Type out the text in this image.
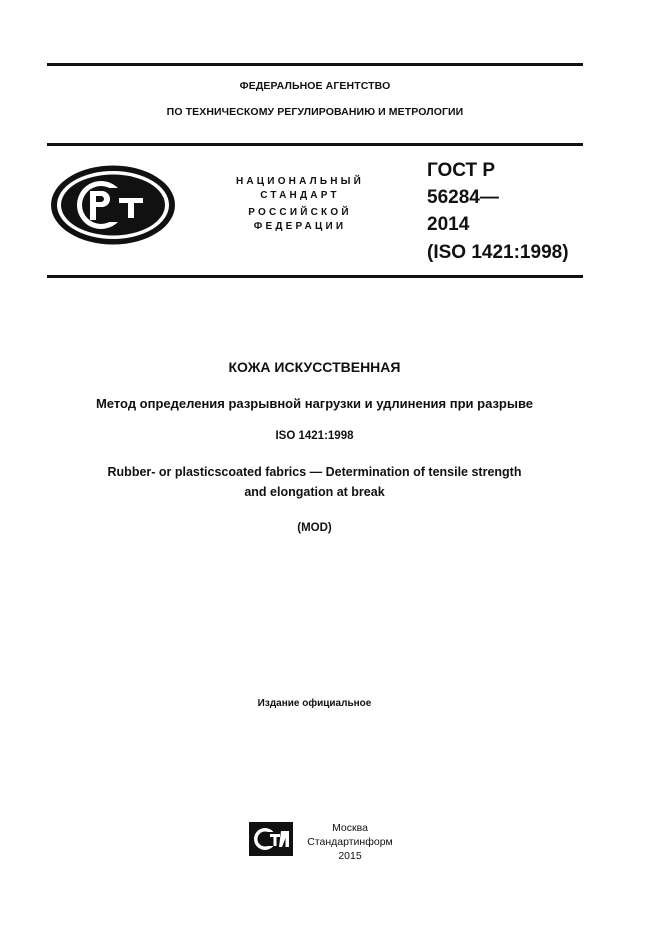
ФЕДЕРАЛЬНОЕ АГЕНТСТВО
ПО ТЕХНИЧЕСКОМУ РЕГУЛИРОВАНИЮ И МЕТРОЛОГИИ
НАЦИОНАЛЬНЫЙ
СТАНДАРТ
РОССИЙСКОЙ
ФЕДЕРАЦИИ
ГОСТ Р
56284—
2014
(ISO 1421:1998)
КОЖА ИСКУССТВЕННАЯ
Метод определения разрывной нагрузки и удлинения при разрыве
ISO 1421:1998
Rubber- or plasticscoated fabrics — Determination of tensile strength
and elongation at break
(MOD)
Издание официальное
Москва
Стандартинформ
2015
